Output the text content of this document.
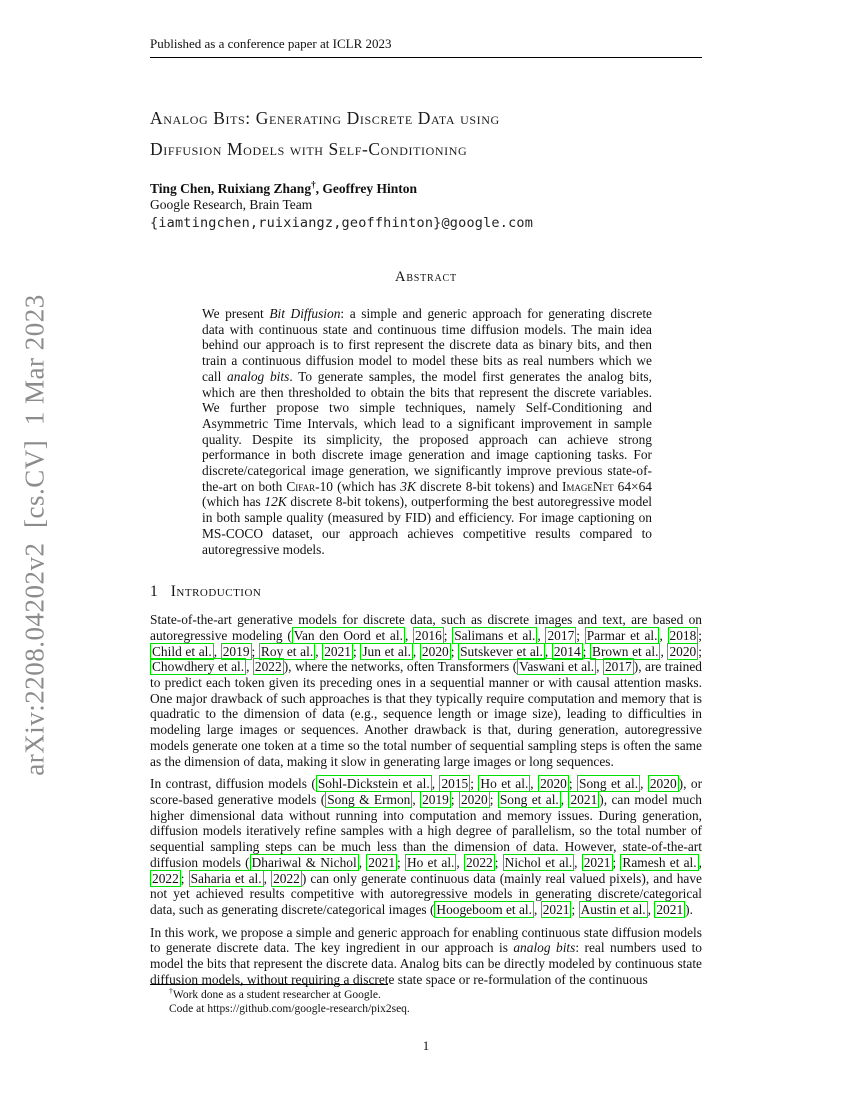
arXiv:2208.04202v2  [cs.CV]  1 Mar 2023
Published as a conference paper at ICLR 2023
Analog Bits: Generating Discrete Data using
Diffusion Models with Self-Conditioning
Ting Chen, Ruixiang Zhang†, Geoffrey Hinton
Google Research, Brain Team
{iamtingchen,ruixiangz,geoffhinton}@google.com
Abstract

We present Bit Diffusion: a simple and generic approach for generating discrete data with continuous state and continuous time diffusion models. The main idea behind our approach is to first represent the discrete data as binary bits, and then train a continuous diffusion model to model these bits as real numbers which we call analog bits. To generate samples, the model first generates the analog bits, which are then thresholded to obtain the bits that represent the discrete variables. We further propose two simple techniques, namely Self-Conditioning and Asymmetric Time Intervals, which lead to a significant improvement in sample quality. Despite its simplicity, the proposed approach can achieve strong performance in both discrete image generation and image captioning tasks. For discrete/categorical image generation, we significantly improve previous state-of-the-art on both Cifar-10 (which has 3K discrete 8-bit tokens) and ImageNet 64×64 (which has 12K discrete 8-bit tokens), outperforming the best autoregressive model in both sample quality (measured by FID) and efficiency. For image captioning on MS-COCO dataset, our approach achieves competitive results compared to autoregressive models.

1 Introduction

State-of-the-art generative models for discrete data, such as discrete images and text, are based on autoregressive modeling ( Van den Oord et al. , 2016 ; Salimans et al. , 2017 ; Parmar et al. , 2018 ; Child et al. , 2019 ; Roy et al. , 2021 ; Jun et al. , 2020 ; Sutskever et al. , 2014 ; Brown et al. , 2020 ; Chowdhery et al. , 2022 ), where the networks, often Transformers ( Vaswani et al. , 2017 ), are trained to predict each token given its preceding ones in a sequential manner or with causal attention masks. One major drawback of such approaches is that they typically require computation and memory that is quadratic to the dimension of data (e.g., sequence length or image size), leading to difficulties in modeling large images or sequences. Another drawback is that, during generation, autoregressive models generate one token at a time so the total number of sequential sampling steps is often the same as the dimension of data, making it slow in generating large images or long sequences.

In contrast, diffusion models ( Sohl-Dickstein et al. , 2015 ; Ho et al. , 2020 ; Song et al. , 2020 ), or score-based generative models ( Song & Ermon , 2019 ; 2020 ; Song et al. , 2021 ), can model much higher dimensional data without running into computation and memory issues. During generation, diffusion models iteratively refine samples with a high degree of parallelism, so the total number of sequential sampling steps can be much less than the dimension of data. However, state-of-the-art diffusion models ( Dhariwal & Nichol , 2021 ; Ho et al. , 2022 ; Nichol et al. , 2021 ; Ramesh et al. , 2022 ; Saharia et al. , 2022 ) can only generate continuous data (mainly real valued pixels), and have not yet achieved results competitive with autoregressive models in generating discrete/categorical data, such as generating discrete/categorical images ( Hoogeboom et al. , 2021 ; Austin et al. , 2021 ).

In this work, we propose a simple and generic approach for enabling continuous state diffusion models to generate discrete data. The key ingredient in our approach is analog bits: real numbers used to model the bits that represent the discrete data. Analog bits can be directly modeled by continuous state diffusion models, without requiring a discrete state space or re-formulation of the continuous

†Work done as a student researcher at Google.
Code at https://github.com/google-research/pix2seq.
1
